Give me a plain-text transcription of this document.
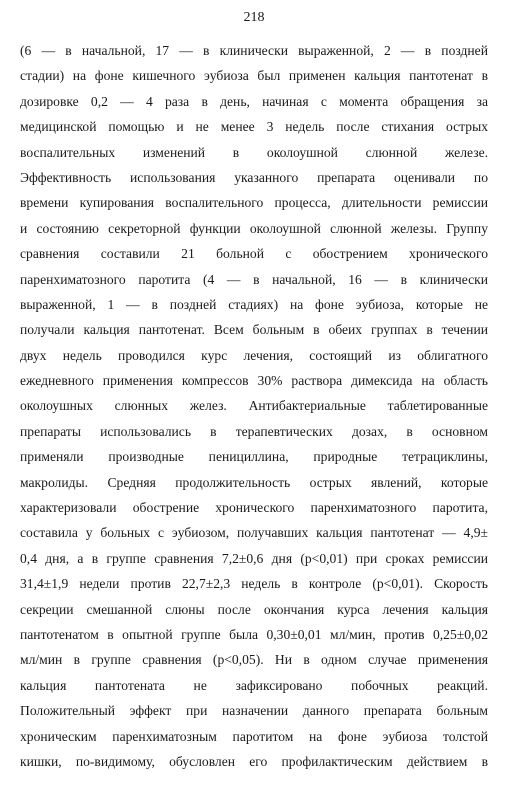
218
(6 — в начальной, 17 — в клинически выраженной, 2 — в поздней
стадии) на фоне кишечного эубиоза был применен кальция пантотенат в
дозировке 0,2 — 4 раза в день, начиная с момента обращения за
медицинской помощью и не менее 3 недель после стихания острых
воспалительных изменений в околоушной слюнной железе.
Эффективность использования указанного препарата оценивали по
времени купирования воспалительного процесса, длительности ремиссии
и состоянию секреторной функции околоушной слюнной железы. Группу
сравнения составили 21 больной с обострением хронического
паренхиматозного паротита (4 — в начальной, 16 — в клинически
выраженной, 1 — в поздней стадиях) на фоне эубиоза, которые не
получали кальция пантотенат. Всем больным в обеих группах в течении
двух недель проводился курс лечения, состоящий из облигатного
ежедневного применения компрессов 30% раствора димексида на область
околоушных слюнных желез. Антибактериальные таблетированные
препараты использовались в терапевтических дозах, в основном
применяли производные пенициллина, природные тетрациклины,
макролиды. Средняя продолжительность острых явлений, которые
характеризовали обострение хронического паренхиматозного паротита,
составила у больных с эубиозом, получавших кальция пантотенат — 4,9±
0,4 дня, а в группе сравнения 7,2±0,6 дня (p<0,01) при сроках ремиссии
31,4±1,9 недели против 22,7±2,3 недель в контроле (p<0,01). Скорость
секреции смешанной слюны после окончания курса лечения кальция
пантотенатом в опытной группе была 0,30±0,01 мл/мин, против 0,25±0,02
мл/мин в группе сравнения (p<0,05). Ни в одном случае применения
кальция пантотената не зафиксировано побочных реакций.
Положительный эффект при назначении данного препарата больным
хроническим паренхиматозным паротитом на фоне эубиоза толстой
кишки, по-видимому, обусловлен его профилактическим действием в
